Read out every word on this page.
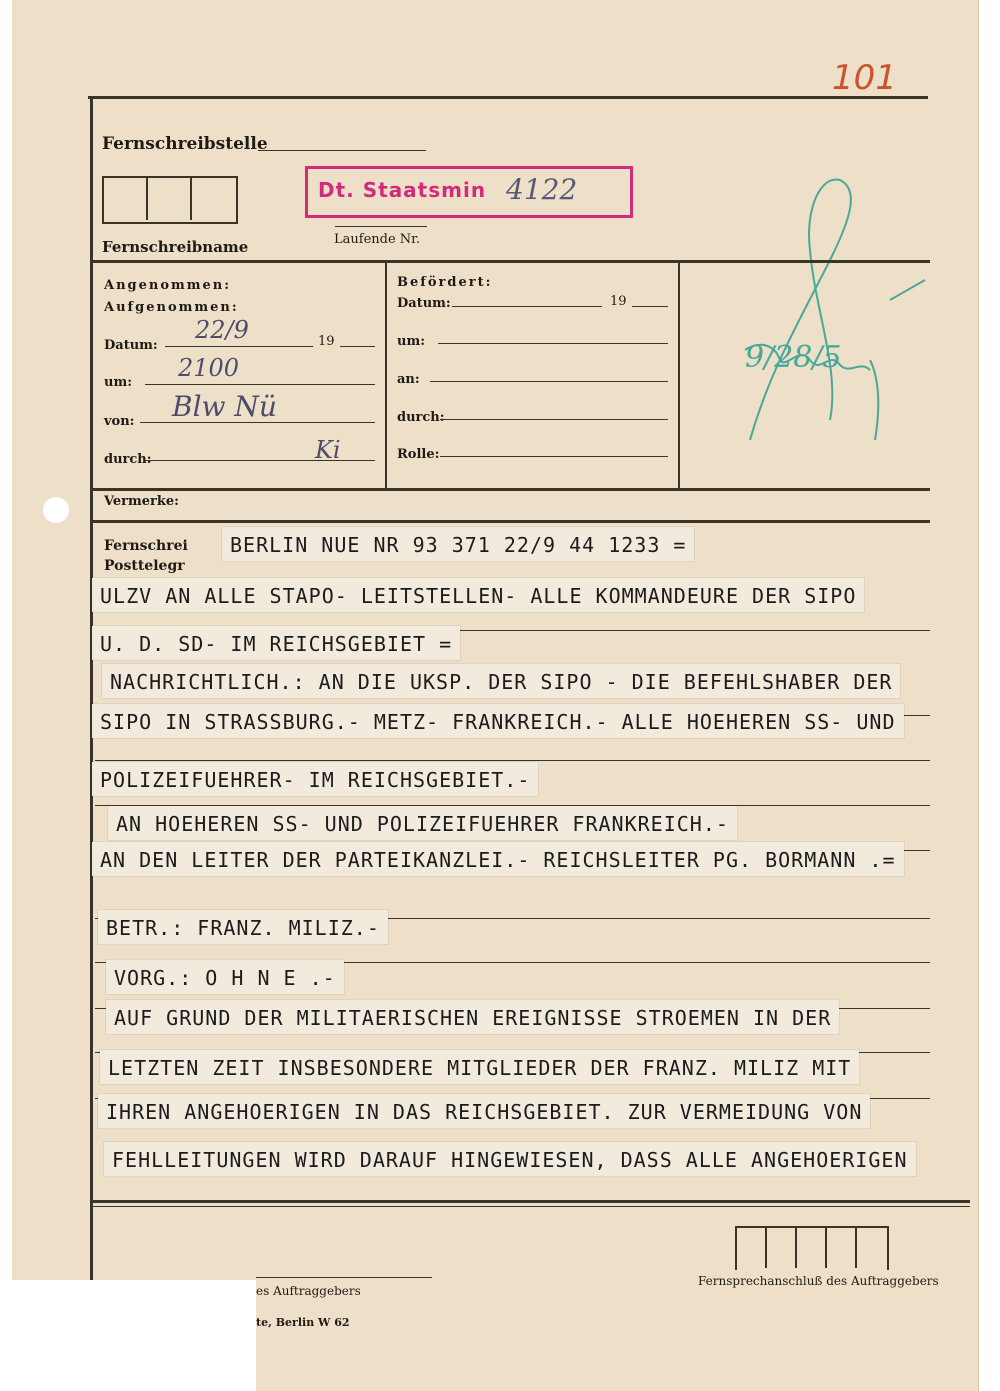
101
Fernschreibstelle
Fernschreibname
Dt. Staatsmin 4122
Laufende Nr.
9/28/5
Angenommen:
Aufgenommen:
Datum:
22/9	19
um:
2100
von: Blw Nü
durch:	Ki
Befördert:
Datum:	19
um:
an:
durch:
Rolle:
Vermerke:
Fernschrei
Posttelegr
BERLIN NUE NR 93 371 22/9 44 1233 =
ULZV AN ALLE STAPO- LEITSTELLEN- ALLE KOMMANDEURE DER SIPO
U. D. SD- IM REICHSGEBIET =
NACHRICHTLICH.: AN DIE UKSP. DER SIPO - DIE BEFEHLSHABER DER
SIPO IN STRASSBURG.- METZ- FRANKREICH.- ALLE HOEHEREN SS- UND
POLIZEIFUEHRER- IM REICHSGEBIET.-
AN HOEHEREN SS- UND POLIZEIFUEHRER FRANKREICH.-
AN DEN LEITER DER PARTEIKANZLEI.- REICHSLEITER PG. BORMANN .=
BETR.: FRANZ. MILIZ.-
VORG.: O H N E .-
AUF GRUND DER MILITAERISCHEN EREIGNISSE STROEMEN IN DER
LETZTEN ZEIT INSBESONDERE MITGLIEDER DER FRANZ. MILIZ MIT
IHREN ANGEHOERIGEN IN DAS REICHSGEBIET. ZUR VERMEIDUNG VON
FEHLLEITUNGEN WIRD DARAUF HINGEWIESEN, DASS ALLE ANGEHOERIGEN
Fernsprechanschluß des Auftraggebers
es Auftraggebers
te, Berlin W 62
